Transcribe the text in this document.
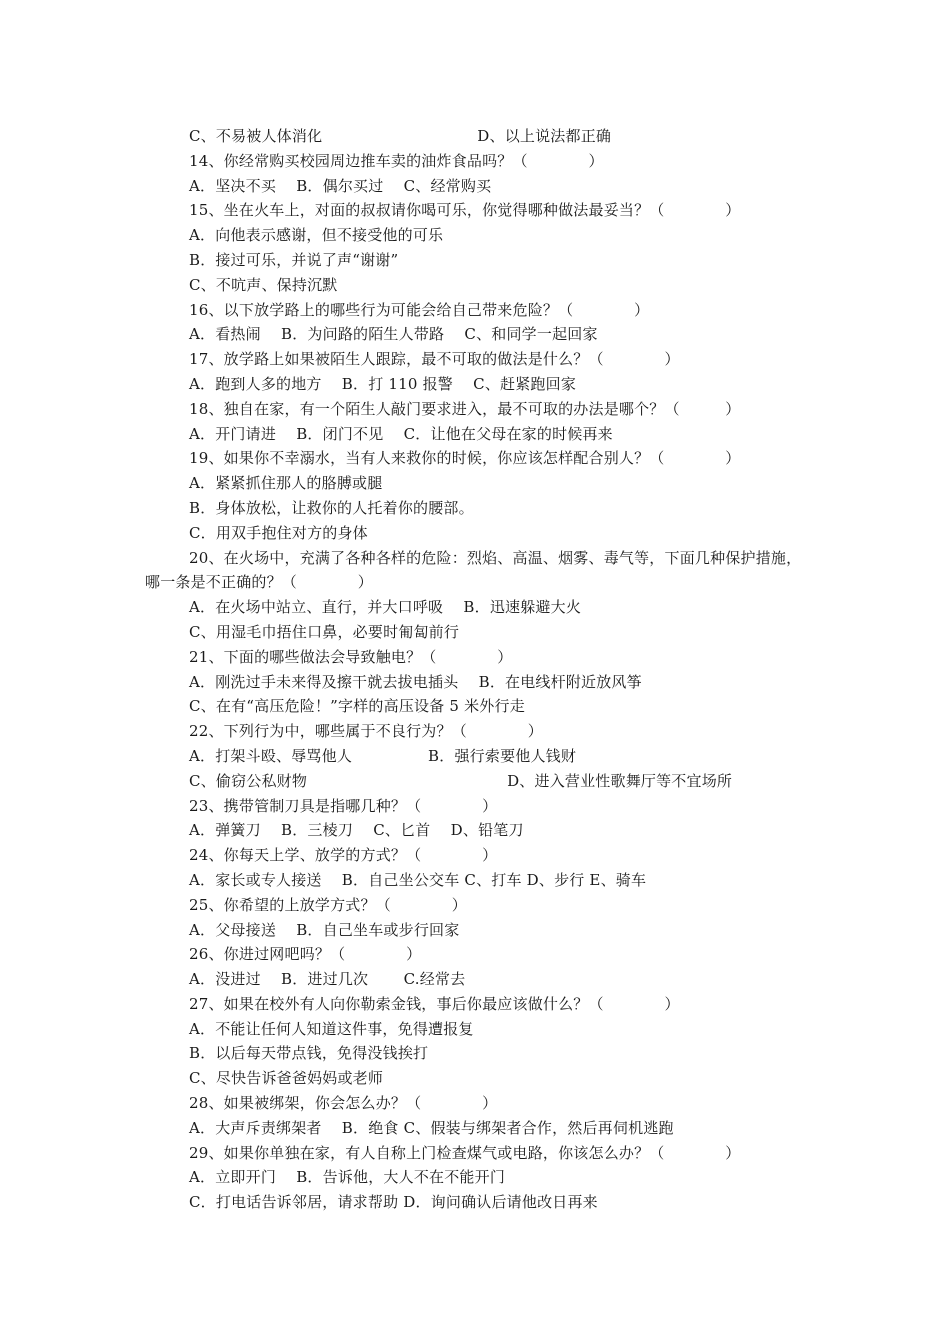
C、不易被人体消化	D、以上说法都正确
14、你经常购买校园周边推车卖的油炸食品吗？（　　　　）
A．坚决不买　 B．偶尔买过　 C、经常购买
15、坐在火车上，对面的叔叔请你喝可乐，你觉得哪种做法最妥当？（　　　　）
A．向他表示感谢，但不接受他的可乐
B．接过可乐，并说了声“谢谢”
C、不吭声、保持沉默
16、以下放学路上的哪些行为可能会给自己带来危险？（　　　　）
A．看热闹　 B．为问路的陌生人带路　 C、和同学一起回家
17、放学路上如果被陌生人跟踪，最不可取的做法是什么？（　　　　）
A．跑到人多的地方　 B．打 110 报警　 C、赶紧跑回家
18、独自在家，有一个陌生人敲门要求进入，最不可取的办法是哪个？（　　　）
A．开门请进　 B．闭门不见　 C．让他在父母在家的时候再来
19、如果你不幸溺水，当有人来救你的时候，你应该怎样配合别人？（　　　　）
A．紧紧抓住那人的胳膊或腿
B．身体放松，让救你的人托着你的腰部。
C．用双手抱住对方的身体
20、在火场中，充满了各种各样的危险：烈焰、高温、烟雾、毒气等，下面几种保护措施，
哪一条是不正确的？（　　　　）
A．在火场中站立、直行，并大口呼吸　 B．迅速躲避大火
C、用湿毛巾捂住口鼻，必要时匍匐前行
21、下面的哪些做法会导致触电？（　　　　）
A．刚洗过手未来得及擦干就去拔电插头　 B．在电线杆附近放风筝
C、在有“高压危险！”字样的高压设备 5 米外行走
22、下列行为中，哪些属于不良行为？（　　　　）
A．打架斗殴、辱骂他人	B．强行索要他人钱财
C、偷窃公私财物	D、进入营业性歌舞厅等不宜场所
23、携带管制刀具是指哪几种？（　　　　）
A．弹簧刀　 B．三棱刀　 C、匕首　 D、铅笔刀
24、你每天上学、放学的方式？（　　　　）
A．家长或专人接送　 B．自己坐公交车 C、打车 D、步行 E、骑车
25、你希望的上放学方式？（　　　　）
A．父母接送　 B．自己坐车或步行回家
26、你进过网吧吗？（　　　　）
A．没进过　 B．进过几次　　 C.经常去
27、如果在校外有人向你勒索金钱，事后你最应该做什么？（　　　　）
A．不能让任何人知道这件事，免得遭报复
B．以后每天带点钱，免得没钱挨打
C、尽快告诉爸爸妈妈或老师
28、如果被绑架，你会怎么办？（　　　　）
A．大声斥责绑架者　 B．绝食 C、假装与绑架者合作，然后再伺机逃跑
29、如果你单独在家，有人自称上门检查煤气或电路，你该怎么办？（　　　　）
A．立即开门　 B．告诉他，大人不在不能开门
C．打电话告诉邻居，请求帮助 D．询问确认后请他改日再来
